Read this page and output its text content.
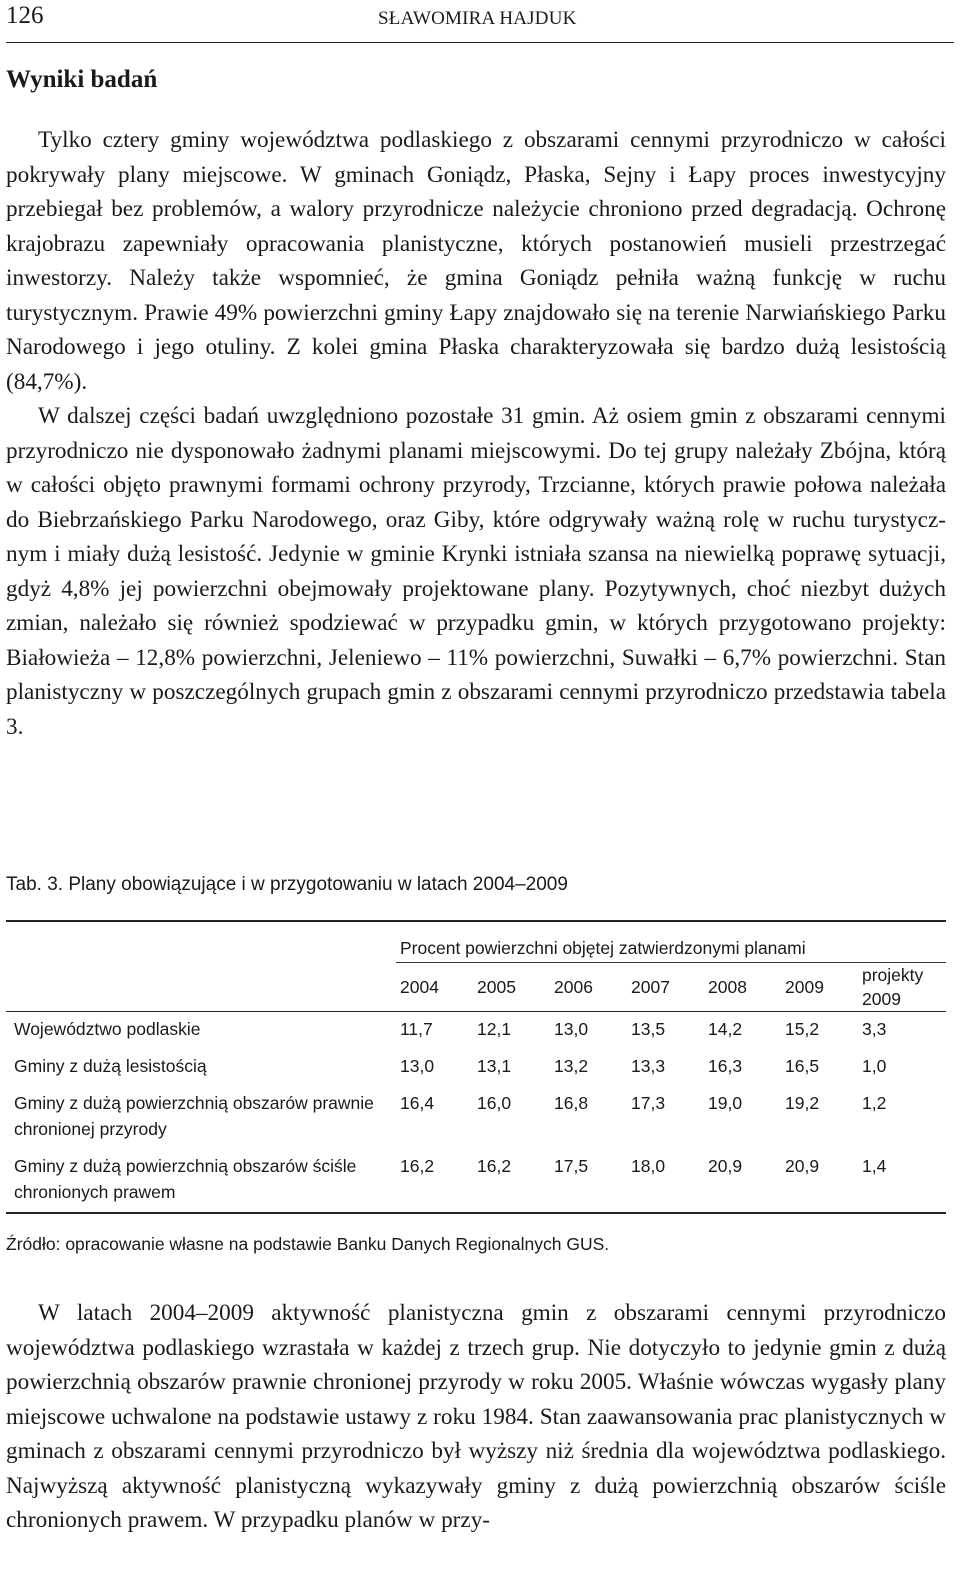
126	SŁAWOMIRA HAJDUK
Wyniki badań

Tylko cztery gminy województwa podlaskiego z obszarami cennymi przyrodniczo w całości pokrywały plany miejscowe. W gminach Goniądz, Płaska, Sejny i Łapy proces inwestycyjny przebiegał bez problemów, a walory przyrodnicze należycie chroniono przed degradacją. Ochronę krajobrazu zapewniały opracowania planistyczne, których postanowień musieli przestrzegać inwestorzy. Należy także wspomnieć, że gmina Goniądz pełniła ważną funkcję w ruchu turystycznym. Prawie 49% powierzchni gminy Łapy znajdowało się na terenie Narwiańskiego Parku Narodowego i jego otuliny. Z kolei gmina Płaska charakteryzowała się bardzo dużą lesistością (84,7%).

W dalszej części badań uwzględniono pozostałe 31 gmin. Aż osiem gmin z obszarami cennymi przyrodniczo nie dysponowało żadnymi planami miejscowymi. Do tej grupy należały Zbójna, którą w całości objęto prawnymi formami ochrony przyrody, Trzcianne, których prawie połowa należała do Biebrzańskiego Parku Narodowego, oraz Giby, które odgrywały ważną rolę w ruchu turystycznym i miały dużą lesistość. Jedynie w gminie Krynki istniała szansa na niewielką poprawę sytuacji, gdyż 4,8% jej powierzchni obejmowały projektowane plany. Pozytywnych, choć niezbyt dużych zmian, należało się również spodziewać w przypadku gmin, w których przygotowano projekty: Białowieża – 12,8% powierzchni, Jeleniewo – 11% powierzchni, Suwałki – 6,7% powierzchni. Stan planistyczny w poszczególnych grupach gmin z obszarami cennymi przyrodniczo przedstawia tabela 3.

Tab. 3. Plany obowiązujące i w przygotowaniu w latach 2004–2009
	Procent powierzchni objętej zatwierdzonymi planami						
	2004	2005	2006	2007	2008	2009	projekty 2009

Województwo podlaskie	11,7	12,1	13,0	13,5	14,2	15,2	3,3
Gminy z dużą lesistością	13,0	13,1	13,2	13,3	16,3	16,5	1,0
Gminy z dużą powierzchnią obszarów prawnie chronionej przyrody	16,4	16,0	16,8	17,3	19,0	19,2	1,2
Gminy z dużą powierzchnią obszarów ściśle chronionych prawem	16,2	16,2	17,5	18,0	20,9	20,9	1,4
Źródło: opracowanie własne na podstawie Banku Danych Regionalnych GUS.

W latach 2004–2009 aktywność planistyczna gmin z obszarami cennymi przyrodniczo województwa podlaskiego wzrastała w każdej z trzech grup. Nie dotyczyło to jedynie gmin z dużą powierzchnią obszarów prawnie chronionej przyrody w roku 2005. Właśnie wówczas wygasły plany miejscowe uchwalone na podstawie ustawy z roku 1984. Stan zaawansowania prac planistycznych w gminach z obszarami cennymi przyrodniczo był wyższy niż średnia dla województwa podlaskiego. Najwyższą aktywność planistyczną wykazywały gminy z dużą powierzchnią obszarów ściśle chronionych prawem. W przypadku planów w przy-
